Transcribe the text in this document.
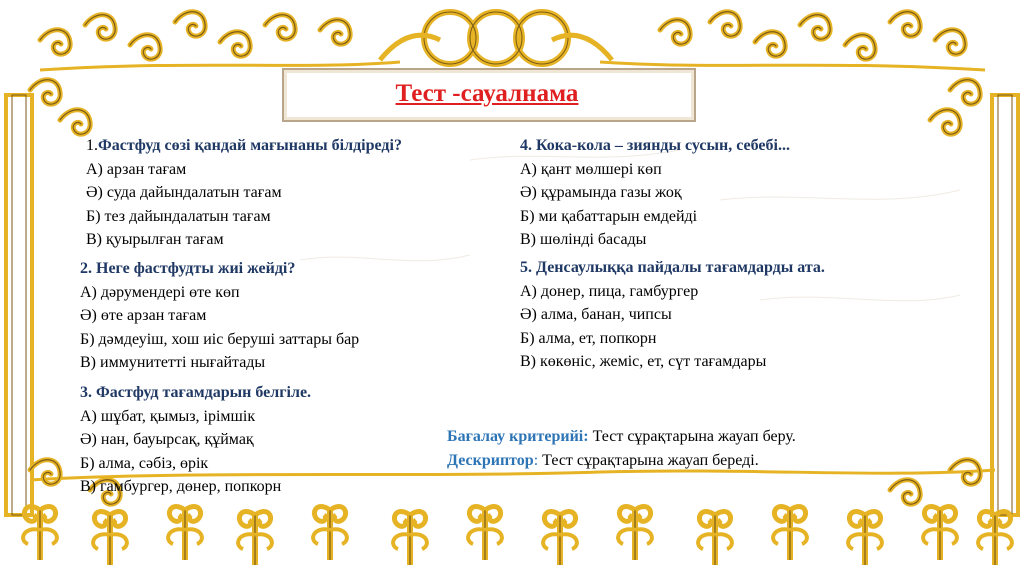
Тест -сауалнама
1.Фастфуд сөзі қандай мағынаны білдіреді?
А) арзан тағам
Ә) суда дайындалатын тағам
Б) тез дайындалатын тағам
В) қуырылған тағам
2. Неге фастфудты жиі жейді?
А) дәрумендері өте көп
Ә) өте арзан тағам
Б) дәмдеуіш, хош иіс беруші заттары бар
В) иммунитетті нығайтады
3. Фастфуд тағамдарын белгіле.
А) шұбат, қымыз, ірімшік
Ә) нан, бауырсақ, құймақ
Б) алма, сәбіз, өрік
В) гамбургер, дөнер, попкорн
4. Кока-кола – зиянды сусын, себебі...
А) қант мөлшері көп
Ә) құрамында газы жоқ
Б) ми қабаттарын емдейді
В) шөлінді басады
5. Денсаулыққа пайдалы тағамдарды ата.
А) донер, пица, гамбургер
Ә) алма, банан, чипсы
Б) алма, ет, попкорн
В) көкөніс, жеміс, ет, сүт тағамдары
Бағалау критерийі: Тест сұрақтарына жауап беру.
Дескриптор: Тест сұрақтарына жауап береді.
